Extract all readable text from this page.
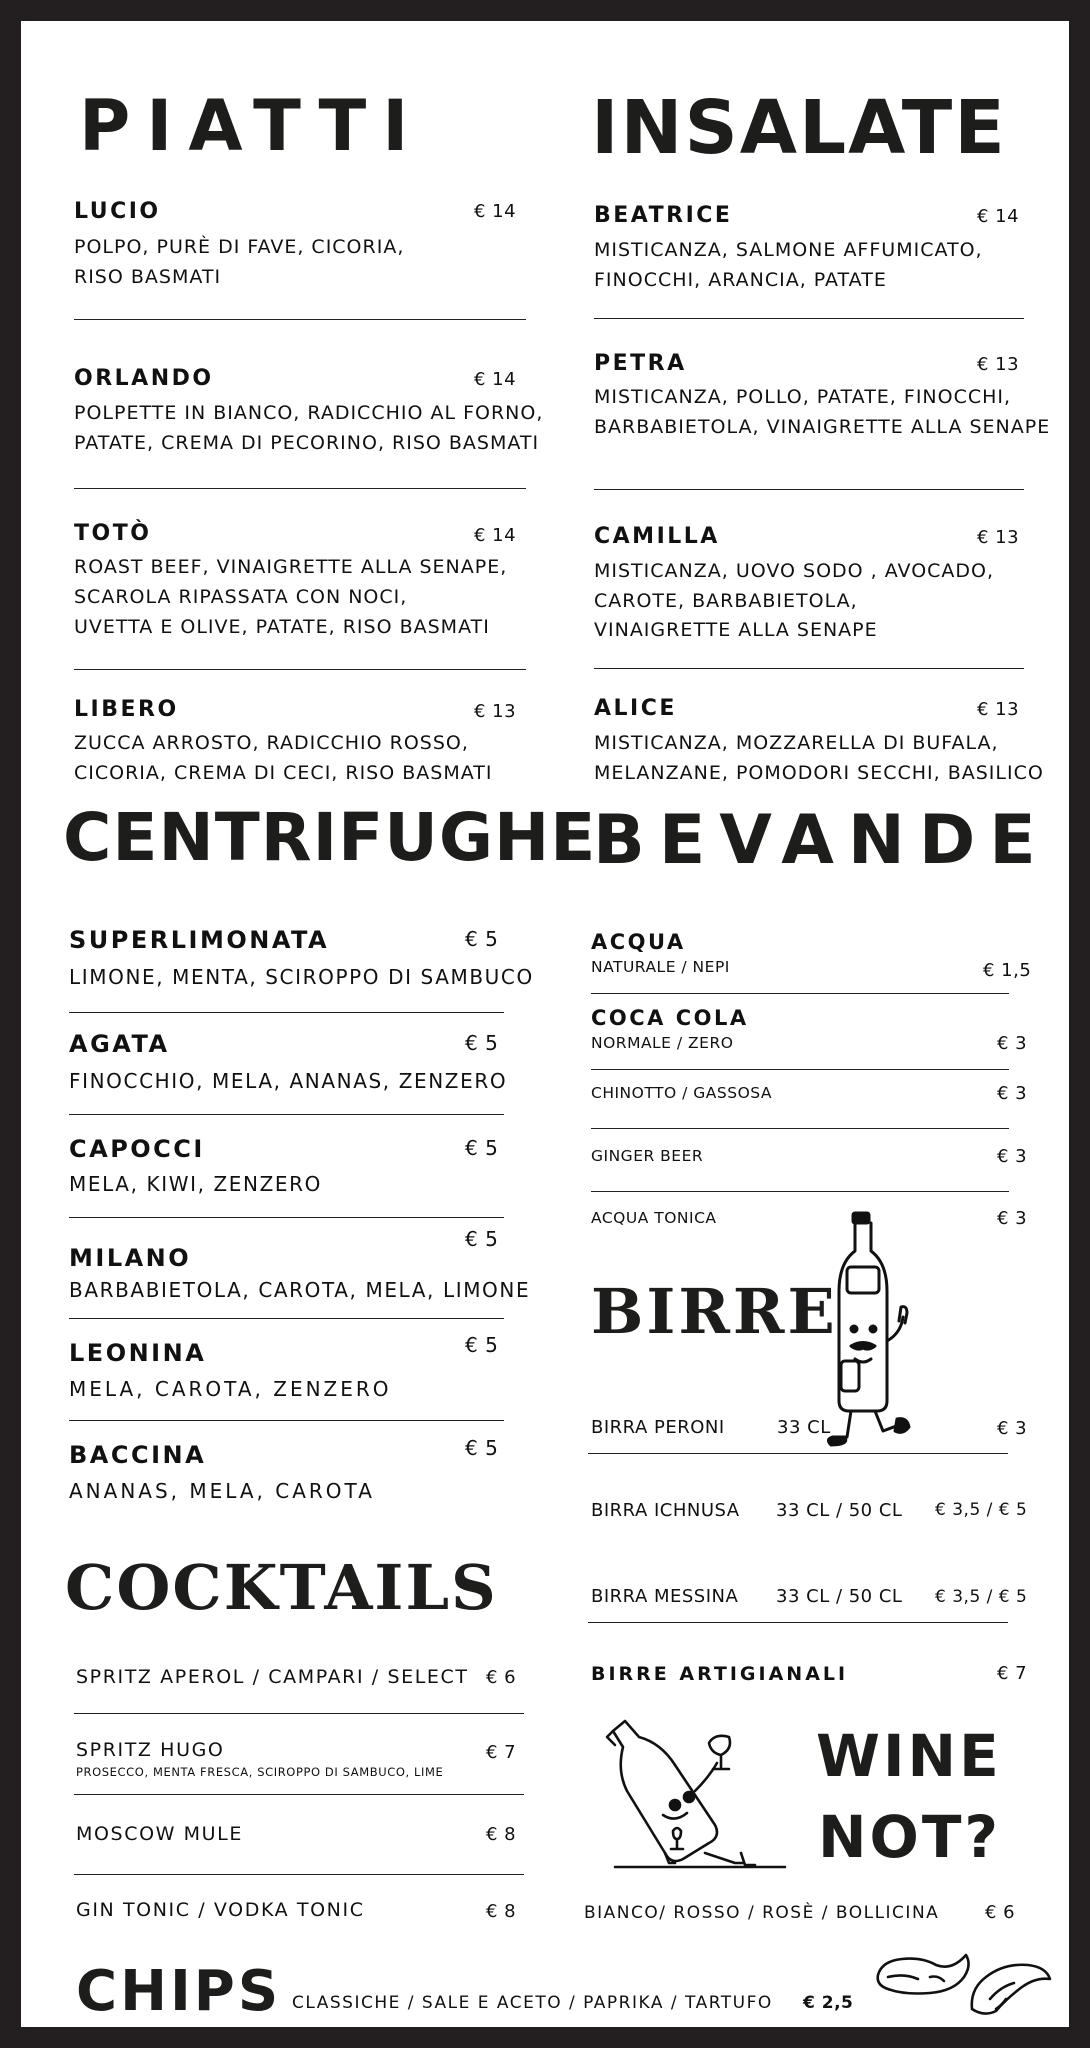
PIATTI
LUCIO	€ 14
POLPO, PURÈ DI FAVE, CICORIA,
RISO BASMATI
ORLANDO	€ 14
POLPETTE IN BIANCO, RADICCHIO AL FORNO,
PATATE, CREMA DI PECORINO, RISO BASMATI
TOTÒ	€ 14
ROAST BEEF, VINAIGRETTE ALLA SENAPE,
SCAROLA RIPASSATA CON NOCI,
UVETTA E OLIVE, PATATE, RISO BASMATI
LIBERO	€ 13
ZUCCA ARROSTO, RADICCHIO ROSSO,
CICORIA, CREMA DI CECI, RISO BASMATI
INSALATE
BEATRICE	€ 14
MISTICANZA, SALMONE AFFUMICATO,
FINOCCHI, ARANCIA, PATATE
PETRA	€ 13
MISTICANZA, POLLO, PATATE, FINOCCHI,
BARBABIETOLA, VINAIGRETTE ALLA SENAPE
CAMILLA	€ 13
MISTICANZA, UOVO SODO , AVOCADO,
CAROTE, BARBABIETOLA,
VINAIGRETTE ALLA SENAPE
ALICE	€ 13
MISTICANZA, MOZZARELLA DI BUFALA,
MELANZANE, POMODORI SECCHI, BASILICO
CENTRIFUGHE
SUPERLIMONATA	€ 5
LIMONE, MENTA, SCIROPPO DI SAMBUCO
AGATA	€ 5
FINOCCHIO, MELA, ANANAS, ZENZERO
CAPOCCI	€ 5
MELA, KIWI, ZENZERO
MILANO
€ 5
BARBABIETOLA, CAROTA, MELA, LIMONE
LEONINA	€ 5
MELA, CAROTA, ZENZERO
BACCINA	€ 5
ANANAS, MELA, CAROTA
BEVANDE
ACQUA
NATURALE / NEPI	€ 1,5
COCA COLA
NORMALE / ZERO	€ 3
CHINOTTO / GASSOSA	€ 3
GINGER BEER	€ 3
ACQUA TONICA	€ 3
BIRRE
BIRRA PERONI	33 CL	€ 3
BIRRA ICHNUSA 33 CL / 50 CL € 3,5 / € 5
BIRRA MESSINA 33 CL / 50 CL € 3,5 / € 5
BIRRE ARTIGIANALI	€ 7
WINE
NOT?
BIANCO/ ROSSO / ROSÈ / BOLLICINA	€ 6
COCKTAILS
SPRITZ APEROL / CAMPARI / SELECT € 6
SPRITZ HUGO
PROSECCO, MENTA FRESCA, SCIROPPO DI SAMBUCO, LIME
€ 7
MOSCOW MULE	€ 8
GIN TONIC / VODKA TONIC	€ 8
CHIPS CLASSICHE / SALE E ACETO / PAPRIKA / TARTUFO € 2,5
